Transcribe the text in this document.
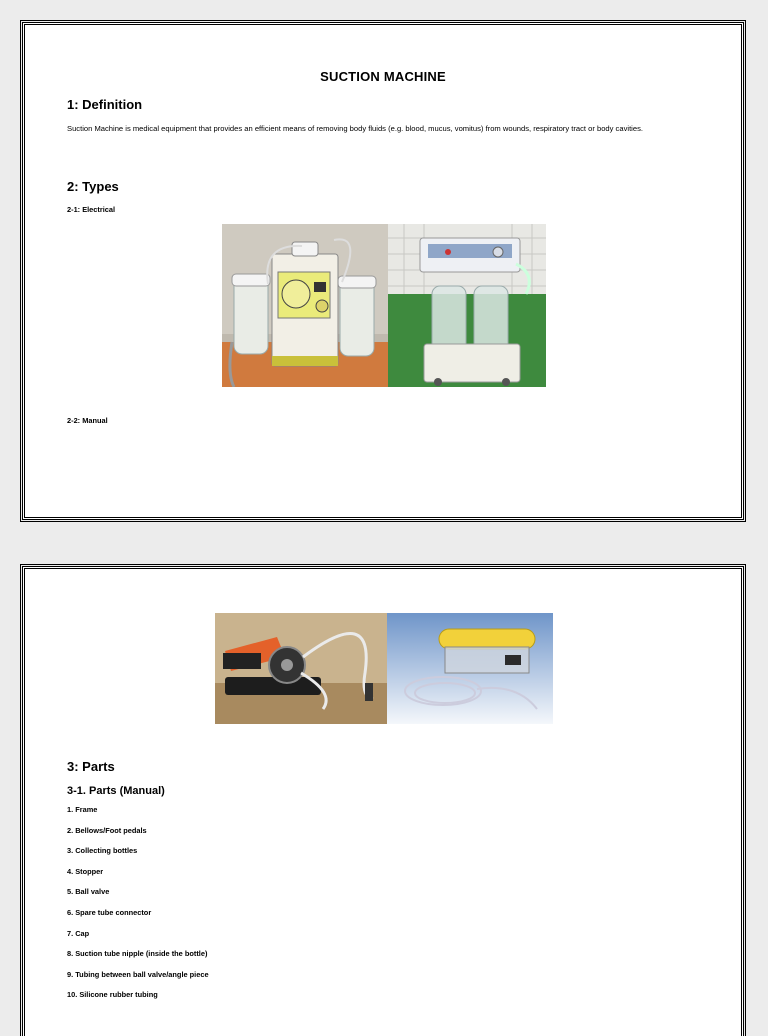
SUCTION MACHINE
1: Definition
Suction Machine is medical equipment that provides an efficient means of removing body fluids (e.g. blood, mucus, vomitus) from wounds, respiratory tract or body cavities.
2: Types
2-1: Electrical
2-2: Manual
3: Parts
3-1. Parts (Manual)
1. Frame
2. Bellows/Foot pedals
3. Collecting bottles
4. Stopper
5. Ball valve
6. Spare tube connector
7. Cap
8. Suction tube nipple (inside the bottle)
9. Tubing between ball valve/angle piece
10. Silicone rubber tubing
